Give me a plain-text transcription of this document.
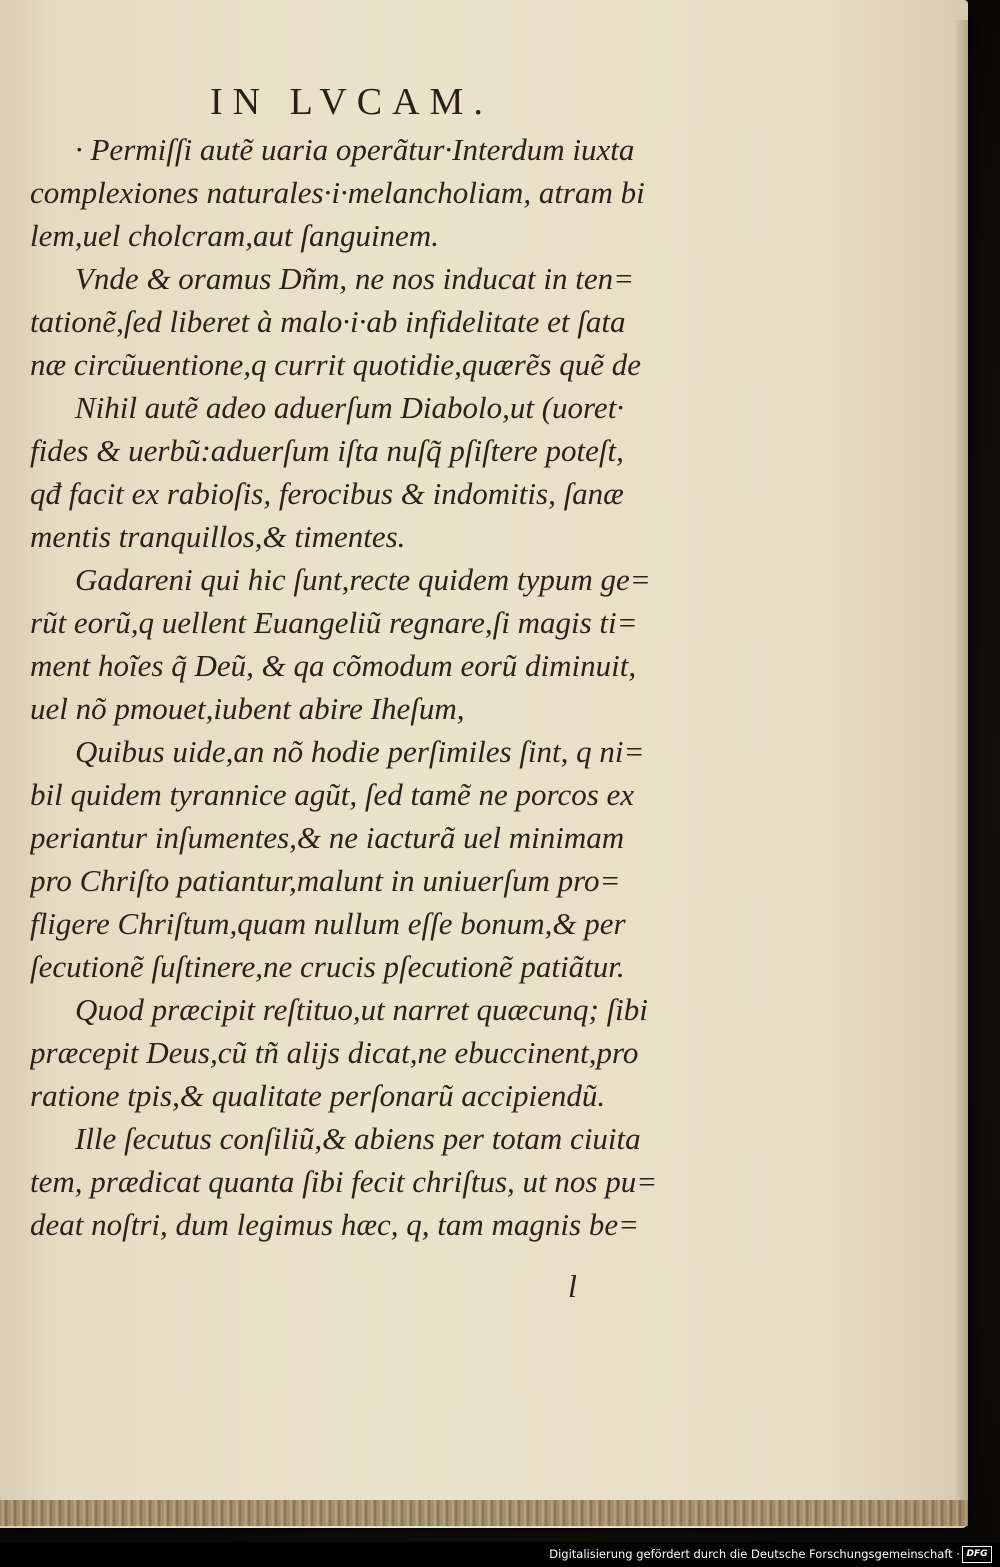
IN LVCAM.
· Permiſſi autẽ uaria operãtur·Interdum iuxta
complexiones naturales·i·melancholiam, atram bi
lem,uel cholcram,aut ſanguinem.
Vnde & oramus Dñm, ne nos inducat in ten=
tationẽ,ſed liberet à malo·i·ab infidelitate et ſata
næ circũuentione,q currit quotidie,quærẽs quẽ de
Nihil autẽ adeo aduerſum Diabolo,ut (uoret·
fides & uerbũ:aduerſum iſta nuſq̃ pſiſtere poteſt,
qđ facit ex rabioſis, ferocibus & indomitis, ſanæ
mentis tranquillos,& timentes.
Gadareni qui hic ſunt,recte quidem typum ge=
rũt eorũ,q uellent Euangeliũ regnare,ſi magis ti=
ment hoĩes q̃ Deũ, & qa cõmodum eorũ diminuit,
uel nõ pmouet,iubent abire Iheſum,
Quibus uide,an nõ hodie perſimiles ſint, q ni=
bil quidem tyrannice agũt, ſed tamẽ ne porcos ex
periantur inſumentes,& ne iacturã uel minimam
pro Chriſto patiantur,malunt in uniuerſum pro=
fligere Chriſtum,quam nullum eſſe bonum,& per
ſecutionẽ ſuſtinere,ne crucis pſecutionẽ patiãtur.
Quod præcipit reſtituo,ut narret quæcunq; ſibi
præcepit Deus,cũ tñ alijs dicat,ne ebuccinent,pro
ratione tpis,& qualitate perſonarũ accipiendũ.
Ille ſecutus conſiliũ,& abiens per totam ciuita
tem, prædicat quanta ſibi fecit chriſtus, ut nos pu=
deat noſtri, dum legimus hæc, q, tam magnis be=
l
Digitalisierung gefördert durch die Deutsche Forschungsgemeinschaft · DFG
